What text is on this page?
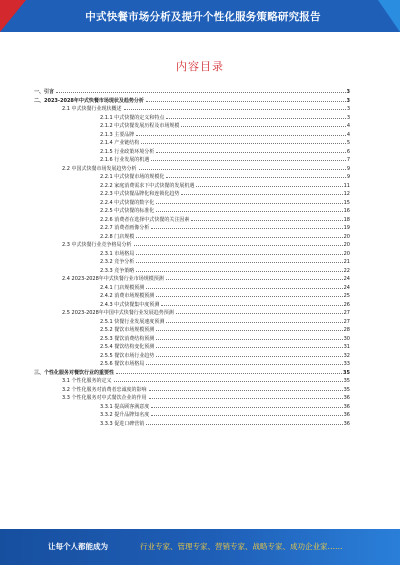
中式快餐市场分析及提升个性化服务策略研究报告
内容目录
一、引言	3
二、2023-2028年中式快餐市场现状及趋势分析	3
2.1 中式快餐行业现状概述	3
2.1.1 中式快餐的定义和特点	3
2.1.2 中式快餐发展历程及市场规模	4
2.1.3 主要品牌	4
2.1.4 产业链结构	5
2.1.5 行业政策环境分析	6
2.1.6 行业发展的机遇	7
2.2 中国式快餐市场发展趋势分析	9
2.2.1 中式快餐市场的规模化	9
2.2.2 家庭消费需求下中式快餐的发展机遇	11
2.2.3 中式快餐品牌化和连锁化趋势	12
2.2.4 中式快餐的数字化	15
2.2.5 中式快餐的标准化	16
2.2.6 消费者在选择中式快餐的关注因素	18
2.2.7 消费者画像分析	19
2.2.8 门店规模	20
2.3 中式快餐行业竞争格局分析	20
2.3.1 市场格局	20
2.3.2 竞争分析	21
2.3.3 竞争策略	22
2.4 2023-2028年中式快餐行业市场规模预测	24
2.4.1 门店规模预测	24
2.4.2 消费市场规模预测	25
2.4.3 中式快餐集中度预测	26
2.5 2023-2028年中国中式快餐行业发展趋势预测	27
2.5.1 快餐行业发展速度预测	27
2.5.2 餐饮市场规模预测	28
2.5.3 餐饮消费结构预测	30
2.5.4 餐饮结构变化预测	31
2.5.5 餐饮市场行业趋势	32
2.5.6 餐饮市场格局	33
三、个性化服务对餐饮行业的重要性	35
3.1 个性化服务的定义	35
3.2 个性化服务对消费者忠诚度的影响	35
3.3 个性化服务对中式餐饮企业的作用	36
3.3.1 提高顾客满意度	36
3.3.2 提升品牌知名度	36
3.3.3 促进口碑营销	36
让每个人都能成为	行业专家、管理专家、营销专家、战略专家、成功企业家……
